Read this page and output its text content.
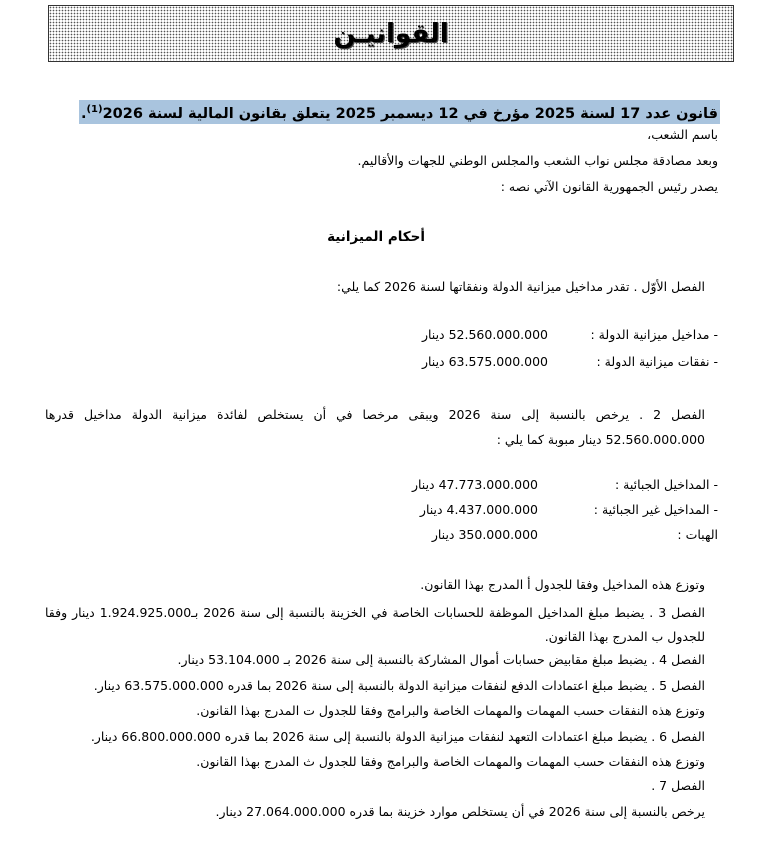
القوانيـن
قانون عدد 17 لسنة 2025 مؤرخ في 12 ديسمبر 2025 يتعلق بقانون المالية لسنة 2026$^{(1)}$.
باسم الشعب،
وبعد مصادقة مجلس نواب الشعب والمجلس الوطني للجهات والأقاليم.
يصدر رئيس الجمهورية القانون الآتي نصه :
أحكام الميزانية
الفصل الأوّل . تقدر مداخيل ميزانية الدولة ونفقاتها لسنة 2026 كما يلي:
- مداخيل ميزانية الدولة :
52.560.000.000 دينار
- نفقات ميزانية الدولة :
63.575.000.000 دينار
الفصل 2 . يرخص بالنسبة إلى سنة 2026 ويبقى مرخصا في أن يستخلص لفائدة ميزانية الدولة مداخيل قدرها 52.560.000.000 دينار مبوبة كما يلي :
- المداخيل الجبائية :
47.773.000.000 دينار
- المداخيل غير الجبائية :
4.437.000.000 دينار
الهبات :
350.000.000 دينار
وتوزع هذه المداخيل وفقا للجدول أ المدرج بهذا القانون.
الفصل 3 . يضبط مبلغ المداخيل الموظفة للحسابات الخاصة في الخزينة بالنسبة إلى سنة 2026 بـ1.924.925.000 دينار وفقا للجدول ب المدرج بهذا القانون.
الفصل 4 . يضبط مبلغ مقابيض حسابات أموال المشاركة بالنسبة إلى سنة 2026 بـ 53.104.000 دينار.
الفصل 5 . يضبط مبلغ اعتمادات الدفع لنفقات ميزانية الدولة بالنسبة إلى سنة 2026 بما قدره 63.575.000.000 دينار.
وتوزع هذه النفقات حسب المهمات والمهمات الخاصة والبرامج وفقا للجدول ت المدرج بهذا القانون.
الفصل 6 . يضبط مبلغ اعتمادات التعهد لنفقات ميزانية الدولة بالنسبة إلى سنة 2026 بما قدره 66.800.000.000 دينار.
وتوزع هذه النفقات حسب المهمات والمهمات الخاصة والبرامج وفقا للجدول ث المدرج بهذا القانون.
الفصل 7 .
يرخص بالنسبة إلى سنة 2026 في أن يستخلص موارد خزينة بما قدره 27.064.000.000 دينار.
